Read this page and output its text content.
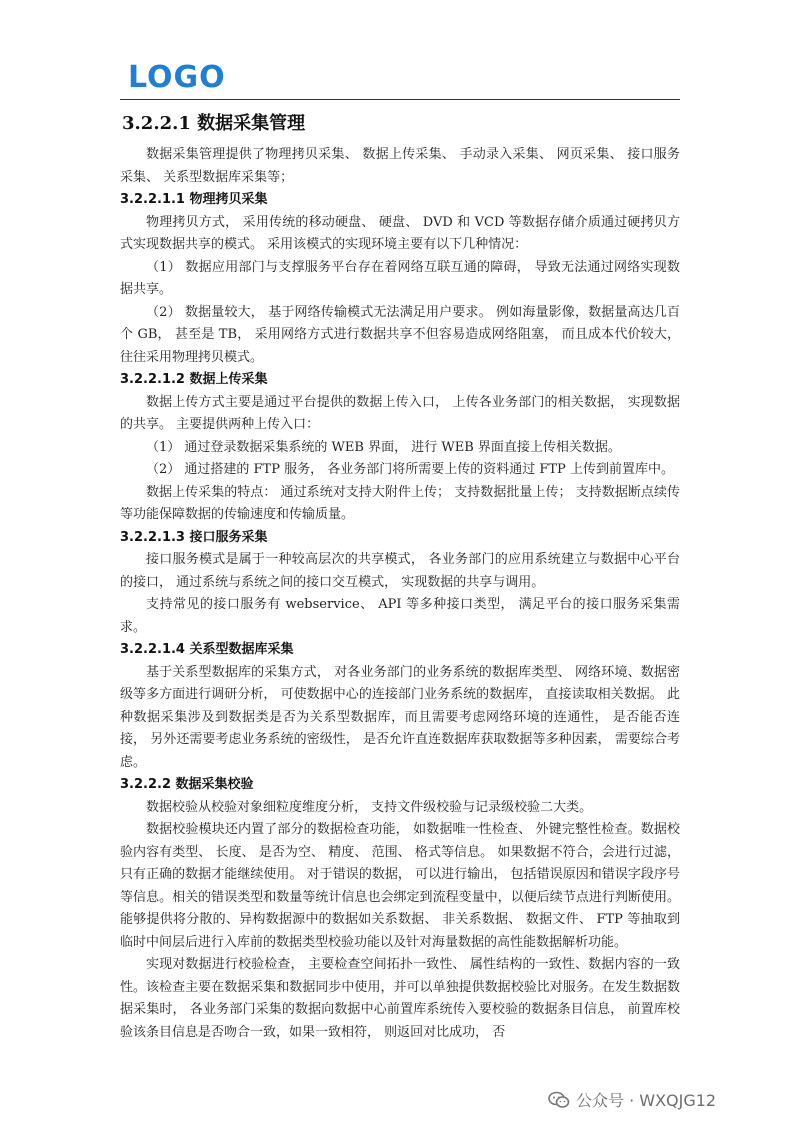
LOGO
3.2.2.1 数据采集管理

数据采集管理提供了物理拷贝采集、 数据上传采集、 手动录入采集、 网页采集、 接口服务采集、 关系型数据库采集等；

3.2.2.1.1 物理拷贝采集

物理拷贝方式， 采用传统的移动硬盘、 硬盘、 DVD 和 VCD 等数据存储介质通过硬拷贝方式实现数据共享的模式。 采用该模式的实现环境主要有以下几种情况：

（1） 数据应用部门与支撑服务平台存在着网络互联互通的障碍， 导致无法通过网络实现数据共享。

（2） 数据量较大， 基于网络传输模式无法满足用户要求。 例如海量影像，数据量高达几百个 GB， 甚至是 TB， 采用网络方式进行数据共享不但容易造成网络阻塞， 而且成本代价较大， 往往采用物理拷贝模式。

3.2.2.1.2 数据上传采集

数据上传方式主要是通过平台提供的数据上传入口， 上传各业务部门的相关数据， 实现数据的共享。 主要提供两种上传入口：

（1） 通过登录数据采集系统的 WEB 界面， 进行 WEB 界面直接上传相关数据。

（2） 通过搭建的 FTP 服务， 各业务部门将所需要上传的资料通过 FTP 上传到前置库中。

数据上传采集的特点： 通过系统对支持大附件上传； 支持数据批量上传； 支持数据断点续传等功能保障数据的传输速度和传输质量。

3.2.2.1.3 接口服务采集

接口服务模式是属于一种较高层次的共享模式， 各业务部门的应用系统建立与数据中心平台的接口， 通过系统与系统之间的接口交互模式， 实现数据的共享与调用。

支持常见的接口服务有 webservice、 API 等多种接口类型， 满足平台的接口服务采集需求。

3.2.2.1.4 关系型数据库采集

基于关系型数据库的采集方式， 对各业务部门的业务系统的数据库类型、 网络环境、数据密级等多方面进行调研分析， 可使数据中心的连接部门业务系统的数据库， 直接读取相关数据。 此种数据采集涉及到数据类是否为关系型数据库，而且需要考虑网络环境的连通性， 是否能否连接， 另外还需要考虑业务系统的密级性， 是否允许直连数据库获取数据等多种因素， 需要综合考虑。

3.2.2.2 数据采集校验

数据校验从校验对象细粒度维度分析， 支持文件级校验与记录级校验二大类。

数据校验模块还内置了部分的数据检查功能， 如数据唯一性检查、 外键完整性检查。数据校验内容有类型、 长度、 是否为空、 精度、 范围、 格式等信息。 如果数据不符合，会进行过滤， 只有正确的数据才能继续使用。 对于错误的数据， 可以进行输出， 包括错误原因和错误字段序号等信息。相关的错误类型和数量等统计信息也会绑定到流程变量中，以便后续节点进行判断使用。 能够提供将分散的、异构数据源中的数据如关系数据、 非关系数据、 数据文件、 FTP 等抽取到临时中间层后进行入库前的数据类型校验功能以及针对海量数据的高性能数据解析功能。

实现对数据进行校验检查， 主要检查空间拓扑一致性、 属性结构的一致性、数据内容的一致性。该检查主要在数据采集和数据同步中使用，并可以单独提供数据校验比对服务。在发生数据数据采集时， 各业务部门采集的数据向数据中心前置库系统传入要校验的数据条目信息， 前置库校验该条目信息是否吻合一致，如果一致相符， 则返回对比成功， 否

公众号 · WXQJG12
